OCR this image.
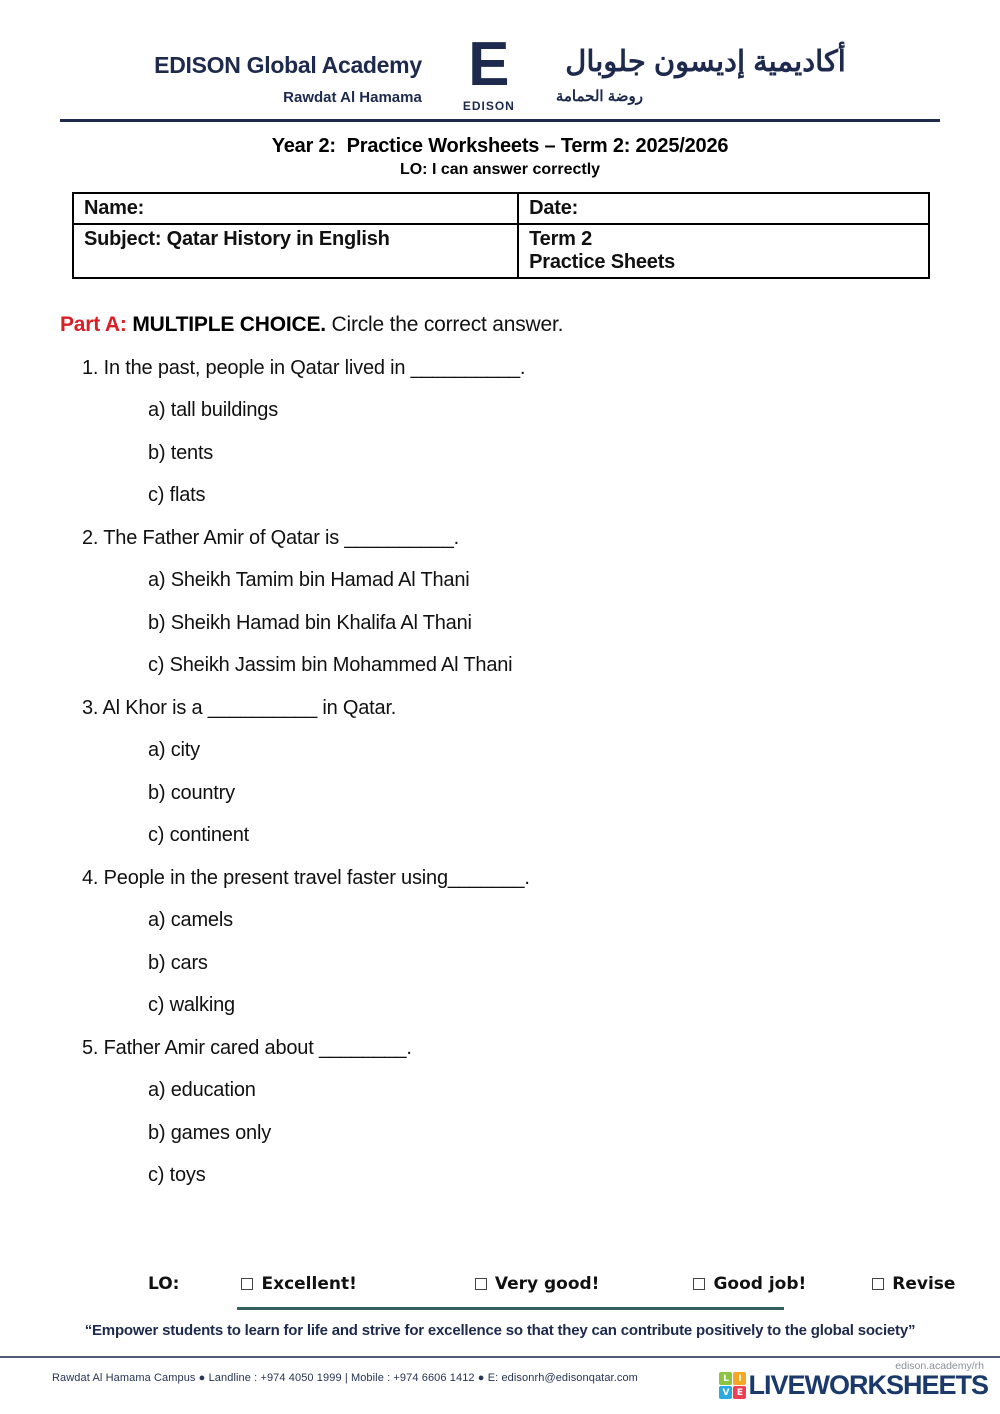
EDISON Global Academy
Rawdat Al Hamama E
EDISON
أكاديمية إديسون جلوبال
روضة الحمامة
Year 2:  Practice Worksheets – Term 2: 2025/2026
LO: I can answer correctly
Name:	Date:
Subject: Qatar History in English	Term 2
Practice Sheets
Part A: MULTIPLE CHOICE. Circle the correct answer.
1. In the past, people in Qatar lived in __________.
a) tall buildings
b) tents
c) flats
2. The Father Amir of Qatar is __________.
a) Sheikh Tamim bin Hamad Al Thani
b) Sheikh Hamad bin Khalifa Al Thani
c) Sheikh Jassim bin Mohammed Al Thani
3. Al Khor is a __________ in Qatar.
a) city
b) country
c) continent
4. People in the present travel faster using_______.
a) camels
b) cars
c) walking
5. Father Amir cared about ________.
a) education
b) games only
c) toys
LO:	Excellent!	Very good!	Good job!	Revise
“Empower students to learn for life and strive for excellence so that they can contribute positively to the global society”
Rawdat Al Hamama Campus ● Landline : +974 4050 1999 | Mobile : +974 6606 1412 ● E: edisonrh@edisonqatar.com
edison.academy/rh
L	I
V E LIVEWORKSHEETS
